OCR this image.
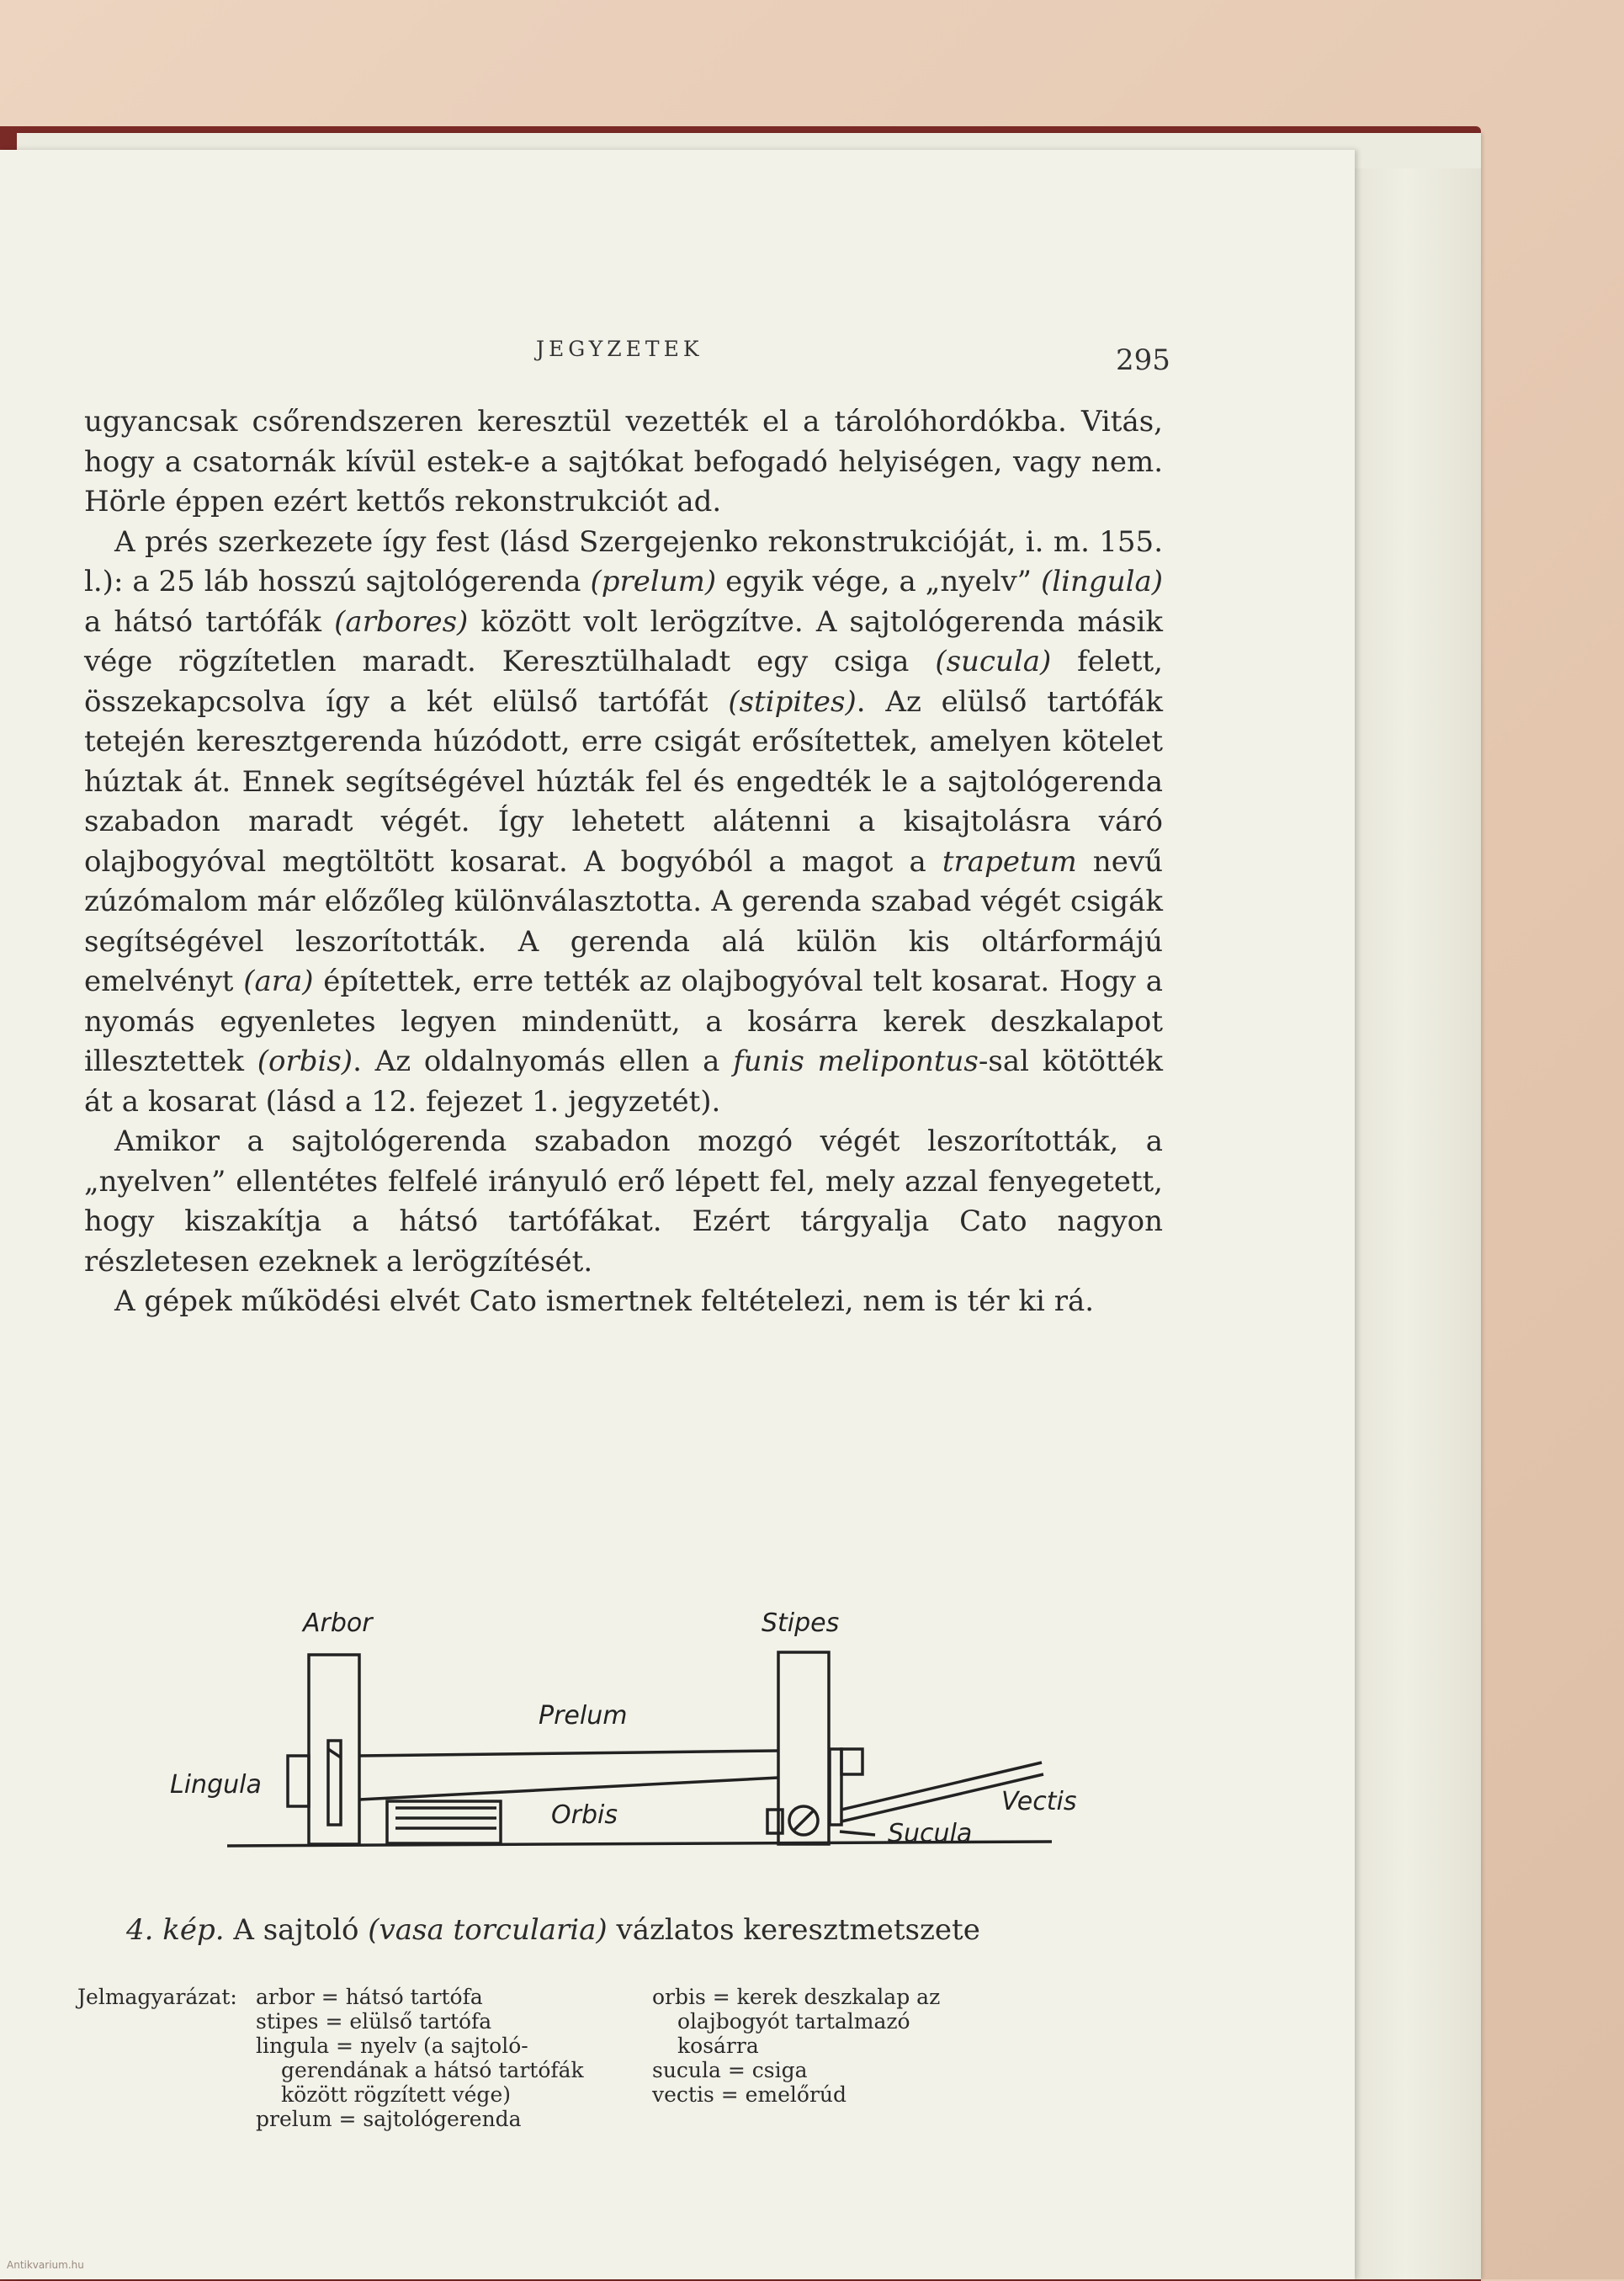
JEGYZETEK	295

ugyancsak csőrendszeren keresztül vezették el a tárolóhordókba. Vitás, hogy a csatornák kívül estek-e a sajtókat befogadó helyiségen, vagy nem. Hörle éppen ezért kettős rekonstrukciót ad.

A prés szerkezete így fest (lásd Szergejenko rekonstrukcióját, i. m. 155. l.): a 25 láb hosszú sajtológerenda (prelum) egyik vége, a „nyelv” (lingula) a hátsó tartófák (arbores) között volt lerögzítve. A sajtológerenda másik vége rögzítetlen maradt. Keresztülhaladt egy csiga (sucula) felett, összekapcsolva így a két elülső tartófát (stipites). Az elülső tartófák tetején keresztgerenda húzódott, erre csigát erősítettek, amelyen kötelet húztak át. Ennek segítségével húzták fel és engedték le a sajtológerenda szabadon maradt végét. Így lehetett alátenni a kisajtolásra váró olajbogyóval megtöltött kosarat. A bogyóból a magot a trapetum nevű zúzómalom már előzőleg különválasztotta. A gerenda szabad végét csigák segítségével leszorították. A gerenda alá külön kis oltárformájú emelvényt (ara) építettek, erre tették az olajbogyóval telt kosarat. Hogy a nyomás egyenletes legyen mindenütt, a kosárra kerek deszkalapot illesztettek (orbis). Az oldalnyomás ellen a funis melipontus-sal kötötték át a kosarat (lásd a 12. fejezet 1. jegyzetét).

Amikor a sajtológerenda szabadon mozgó végét leszorították, a „nyelven” ellentétes felfelé irányuló erő lépett fel, mely azzal fenyegetett, hogy kiszakítja a hátsó tartófákat. Ezért tárgyalja Cato nagyon részletesen ezeknek a lerögzítését.

A gépek működési elvét Cato ismertnek feltételezi, nem is tér ki rá.

Arbor	Stipes
Prelum
Lingula
Orbis	Vectis
Sucula
4. kép. A sajtoló (vasa torcularia) vázlatos keresztmetszete
Jelmagyarázat: arbor = hátsó tartófa
stipes = elülső tartófa
lingula = nyelv (a sajtoló-
gerendának a hátsó tartófák
között rögzített vége)
prelum = sajtológerenda
orbis = kerek deszkalap az
olajbogyót tartalmazó
kosárra
sucula = csiga
vectis = emelőrúd
Antikvarium.hu
